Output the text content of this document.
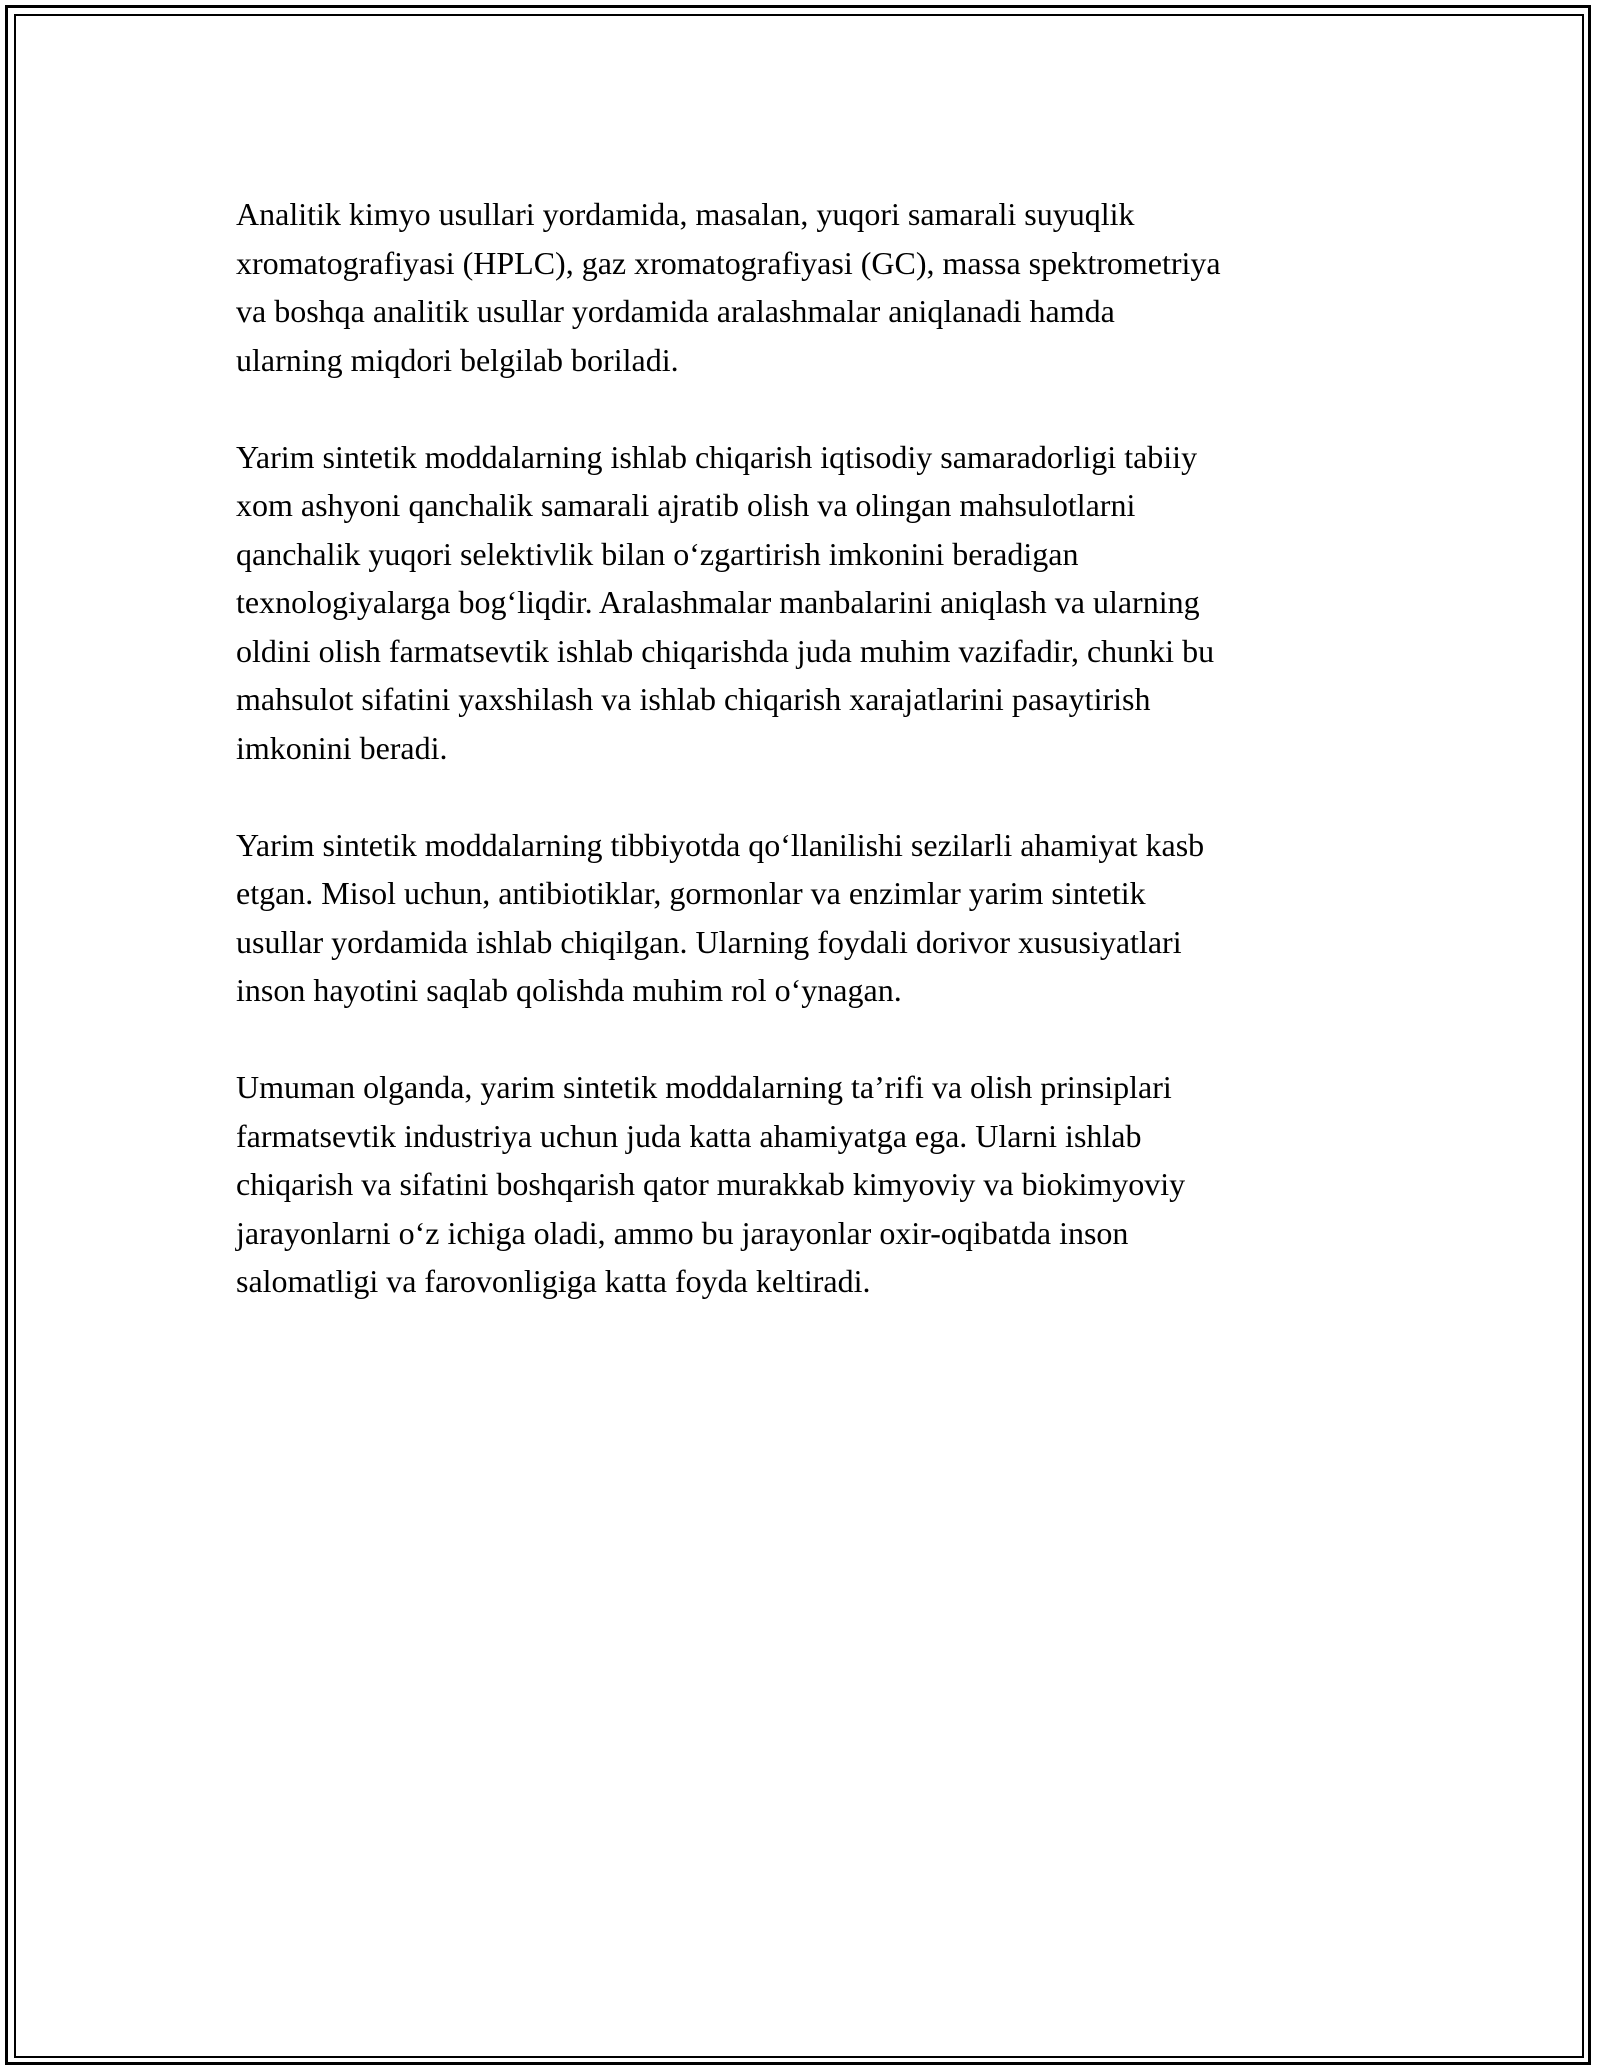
Analitik kimyo usullari yordamida, masalan, yuqori samarali suyuqlik
xromatografiyasi (HPLC), gaz xromatografiyasi (GC), massa spektrometriya
va boshqa analitik usullar yordamida aralashmalar aniqlanadi hamda
ularning miqdori belgilab boriladi.

Yarim sintetik moddalarning ishlab chiqarish iqtisodiy samaradorligi tabiiy
xom ashyoni qanchalik samarali ajratib olish va olingan mahsulotlarni
qanchalik yuqori selektivlik bilan o‘zgartirish imkonini beradigan
texnologiyalarga bog‘liqdir. Aralashmalar manbalarini aniqlash va ularning
oldini olish farmatsevtik ishlab chiqarishda juda muhim vazifadir, chunki bu
mahsulot sifatini yaxshilash va ishlab chiqarish xarajatlarini pasaytirish
imkonini beradi.

Yarim sintetik moddalarning tibbiyotda qo‘llanilishi sezilarli ahamiyat kasb
etgan. Misol uchun, antibiotiklar, gormonlar va enzimlar yarim sintetik
usullar yordamida ishlab chiqilgan. Ularning foydali dorivor xususiyatlari
inson hayotini saqlab qolishda muhim rol o‘ynagan.

Umuman olganda, yarim sintetik moddalarning ta’rifi va olish prinsiplari
farmatsevtik industriya uchun juda katta ahamiyatga ega. Ularni ishlab
chiqarish va sifatini boshqarish qator murakkab kimyoviy va biokimyoviy
jarayonlarni o‘z ichiga oladi, ammo bu jarayonlar oxir-oqibatda inson
salomatligi va farovonligiga katta foyda keltiradi.
